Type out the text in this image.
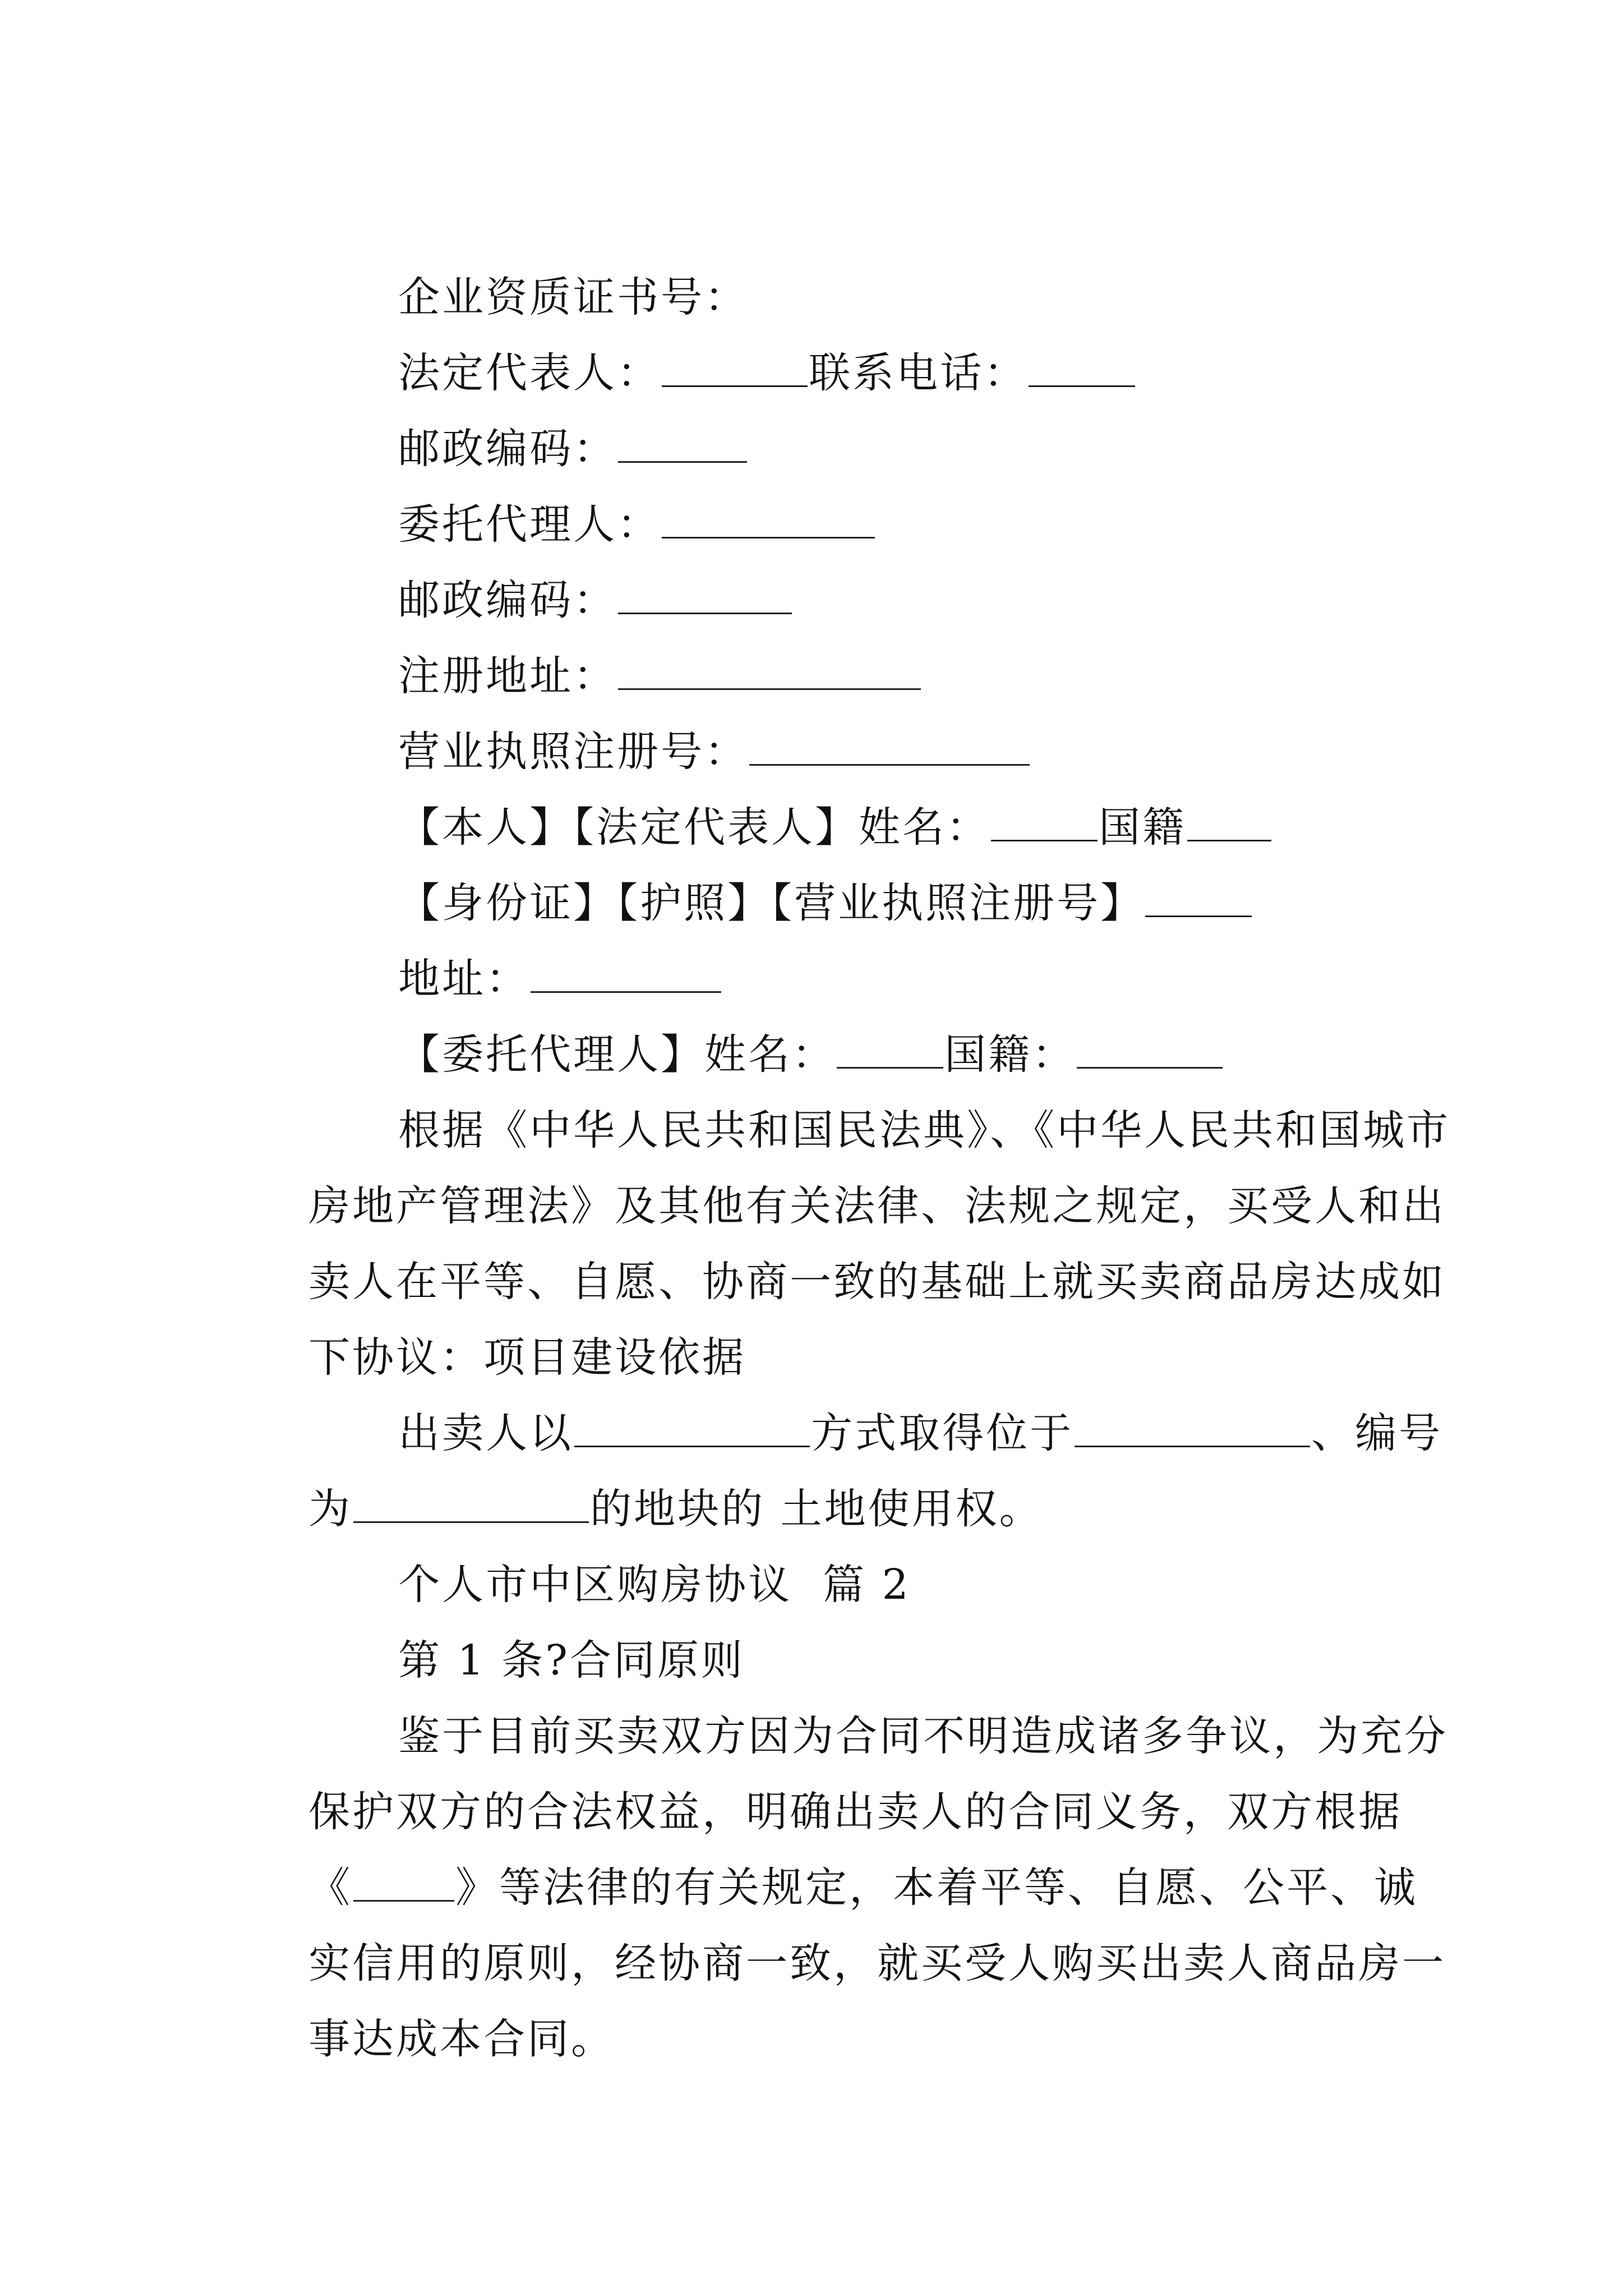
企业资质证书号：

法定代表人：	联系电话：

邮政编码：

委托代理人：

邮政编码：

注册地址：

营业执照注册号：

【本人】【法定代表人】姓名：	国籍

【身份证】【护照】【营业执照注册号】

地址：

【委托代理人】姓名：	国籍：

根据《中华人民共和国民法典》、《中华人民共和国城市

房地产管理法》及其他有关法律、法规之规定，买受人和出

卖人在平等、自愿、协商一致的基础上就买卖商品房达成如

下协议：项目建设依据

出卖人以	方式取得位于	、编号

为	的地块的 土地使用权。

个人市中区购房协议  篇 2

第 1 条?合同原则

鉴于目前买卖双方因为合同不明造成诸多争议，为充分

保护双方的合法权益，明确出卖人的合同义务，双方根据

《 》等法律的有关规定，本着平等、自愿、公平、诚

实信用的原则，经协商一致，就买受人购买出卖人商品房一

事达成本合同。
